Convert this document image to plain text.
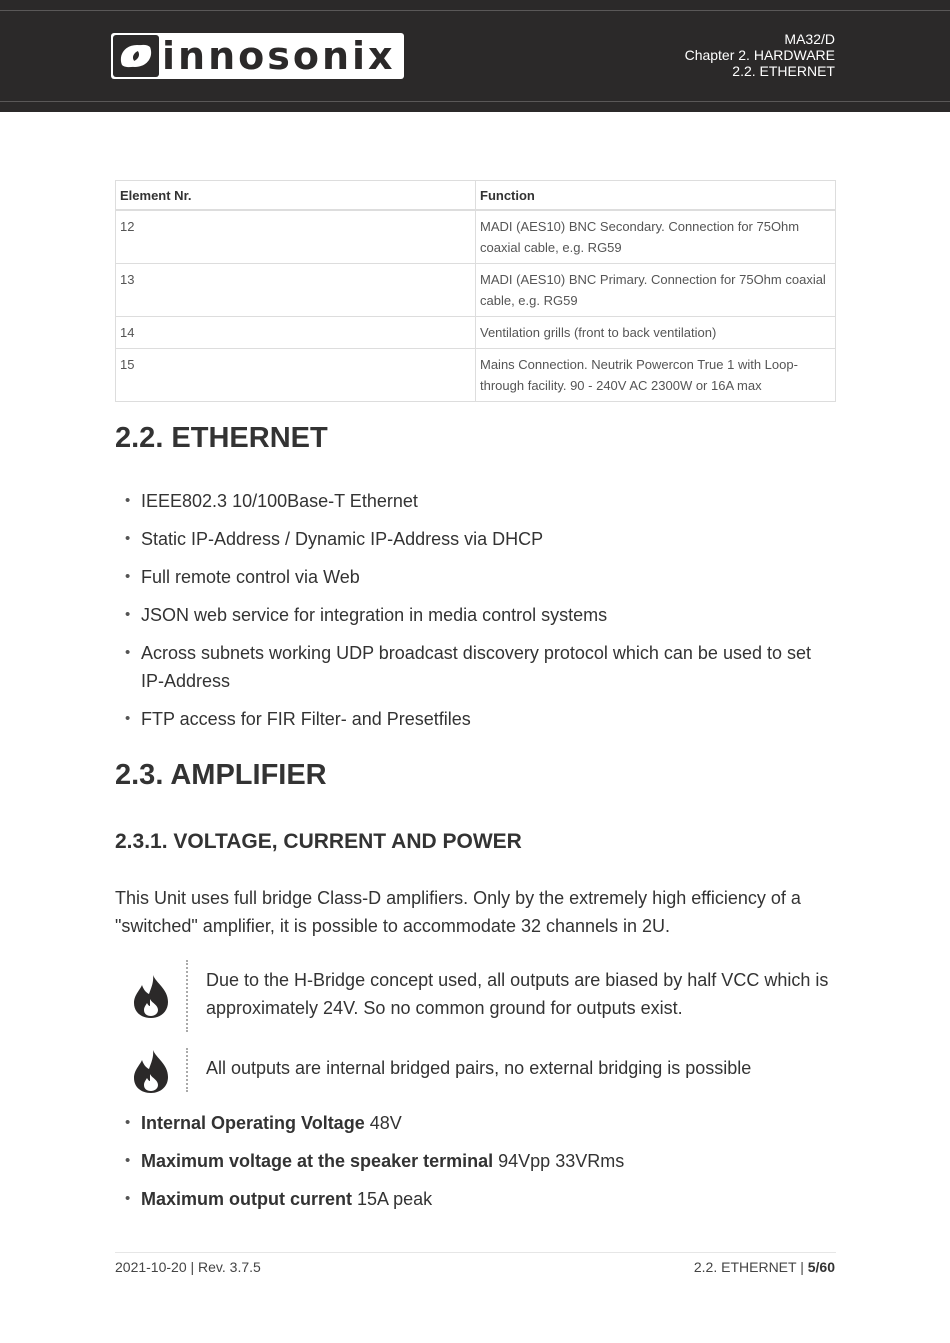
innosonix	MA32/D
Chapter 2. HARDWARE
2.2. ETHERNET
Element Nr.	Function
12	MADI (AES10) BNC Secondary. Connection for 75Ohm coaxial cable, e.g. RG59
13	MADI (AES10) BNC Primary. Connection for 75Ohm coaxial cable, e.g. RG59
14	Ventilation grills (front to back ventilation)
15	Mains Connection. Neutrik Powercon True 1 with Loop-through facility. 90 - 240V AC 2300W or 16A max
2.2. ETHERNET
• IEEE802.3 10/100Base-T Ethernet
• Static IP-Address / Dynamic IP-Address via DHCP
• Full remote control via Web
• JSON web service for integration in media control systems
• Across subnets working UDP broadcast discovery protocol which can be used to set IP-Address
• FTP access for FIR Filter- and Presetfiles
2.3. AMPLIFIER
2.3.1. VOLTAGE, CURRENT AND POWER

This Unit uses full bridge Class-D amplifiers. Only by the extremely high efficiency of a "switched" amplifier, it is possible to accommodate 32 channels in 2U.

Due to the H-Bridge concept used, all outputs are biased by half VCC which is approximately 24V. So no common ground for outputs exist.
All outputs are internal bridged pairs, no external bridging is possible
• Internal Operating Voltage 48V
• Maximum voltage at the speaker terminal 94Vpp 33VRms
• Maximum output current 15A peak
2021-10-20 | Rev. 3.7.5	2.2. ETHERNET | 5/60
